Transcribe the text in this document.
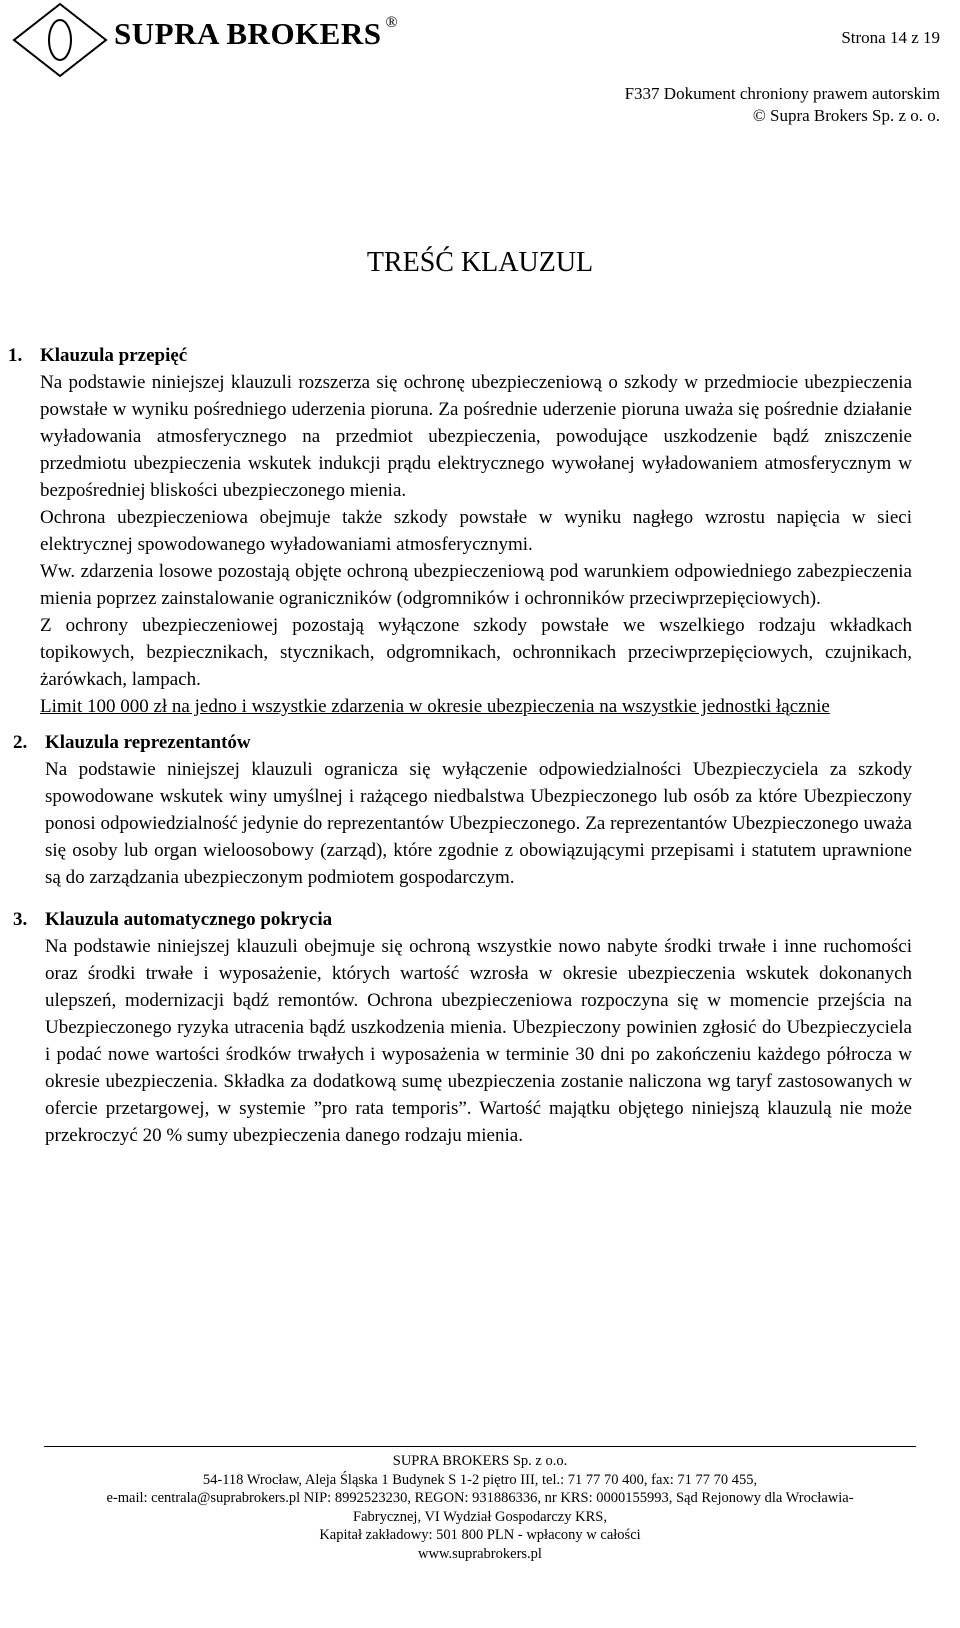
SUPRA BROKERS ®
Strona 14 z 19
F337 Dokument chroniony prawem autorskim
© Supra Brokers Sp. z o. o.
TREŚĆ KLAUZUL
1. Klauzula przepięć

Na podstawie niniejszej klauzuli rozszerza się ochronę ubezpieczeniową o szkody w przedmiocie ubezpieczenia powstałe w wyniku pośredniego uderzenia pioruna. Za pośrednie uderzenie pioruna uważa się pośrednie działanie wyładowania atmosferycznego na przedmiot ubezpieczenia, powodujące uszkodzenie bądź zniszczenie przedmiotu ubezpieczenia wskutek indukcji prądu elektrycznego wywołanej wyładowaniem atmosferycznym w bezpośredniej bliskości ubezpieczonego mienia.

Ochrona ubezpieczeniowa obejmuje także szkody powstałe w wyniku nagłego wzrostu napięcia w sieci elektrycznej spowodowanego wyładowaniami atmosferycznymi.

Ww. zdarzenia losowe pozostają objęte ochroną ubezpieczeniową pod warunkiem odpowiedniego zabezpieczenia mienia poprzez zainstalowanie ograniczników (odgromników i ochronników przeciwprzepięciowych).

Z ochrony ubezpieczeniowej pozostają wyłączone szkody powstałe we wszelkiego rodzaju wkładkach topikowych, bezpiecznikach, stycznikach, odgromnikach, ochronnikach przeciwprzepięciowych, czujnikach, żarówkach, lampach.

Limit 100 000 zł na jedno i wszystkie zdarzenia w okresie ubezpieczenia na wszystkie jednostki łącznie

2. Klauzula reprezentantów

Na podstawie niniejszej klauzuli ogranicza się wyłączenie odpowiedzialności Ubezpieczyciela za szkody spowodowane wskutek winy umyślnej i rażącego niedbalstwa Ubezpieczonego lub osób za które Ubezpieczony ponosi odpowiedzialność jedynie do reprezentantów Ubezpieczonego. Za reprezentantów Ubezpieczonego uważa się osoby lub organ wieloosobowy (zarząd), które zgodnie z obowiązującymi przepisami i statutem uprawnione są do zarządzania ubezpieczonym podmiotem gospodarczym.

3. Klauzula automatycznego pokrycia

Na podstawie niniejszej klauzuli obejmuje się ochroną wszystkie nowo nabyte środki trwałe i inne ruchomości oraz środki trwałe i wyposażenie, których wartość wzrosła w okresie ubezpieczenia wskutek dokonanych ulepszeń, modernizacji bądź remontów. Ochrona ubezpieczeniowa rozpoczyna się w momencie przejścia na Ubezpieczonego ryzyka utracenia bądź uszkodzenia mienia. Ubezpieczony powinien zgłosić do Ubezpieczyciela i podać nowe wartości środków trwałych i wyposażenia w terminie 30 dni po zakończeniu każdego półrocza w okresie ubezpieczenia. Składka za dodatkową sumę ubezpieczenia zostanie naliczona wg taryf zastosowanych w ofercie przetargowej, w systemie ”pro rata temporis”. Wartość majątku objętego niniejszą klauzulą nie może przekroczyć 20 % sumy ubezpieczenia danego rodzaju mienia.

SUPRA BROKERS Sp. z o.o.
54-118 Wrocław, Aleja Śląska 1 Budynek S 1-2 piętro III, tel.: 71 77 70 400, fax: 71 77 70 455,
e-mail: centrala@suprabrokers.pl NIP: 8992523230, REGON: 931886336, nr KRS: 0000155993, Sąd Rejonowy dla Wrocławia-
Fabrycznej, VI Wydział Gospodarczy KRS,
Kapitał zakładowy: 501 800 PLN - wpłacony w całości
www.suprabrokers.pl
